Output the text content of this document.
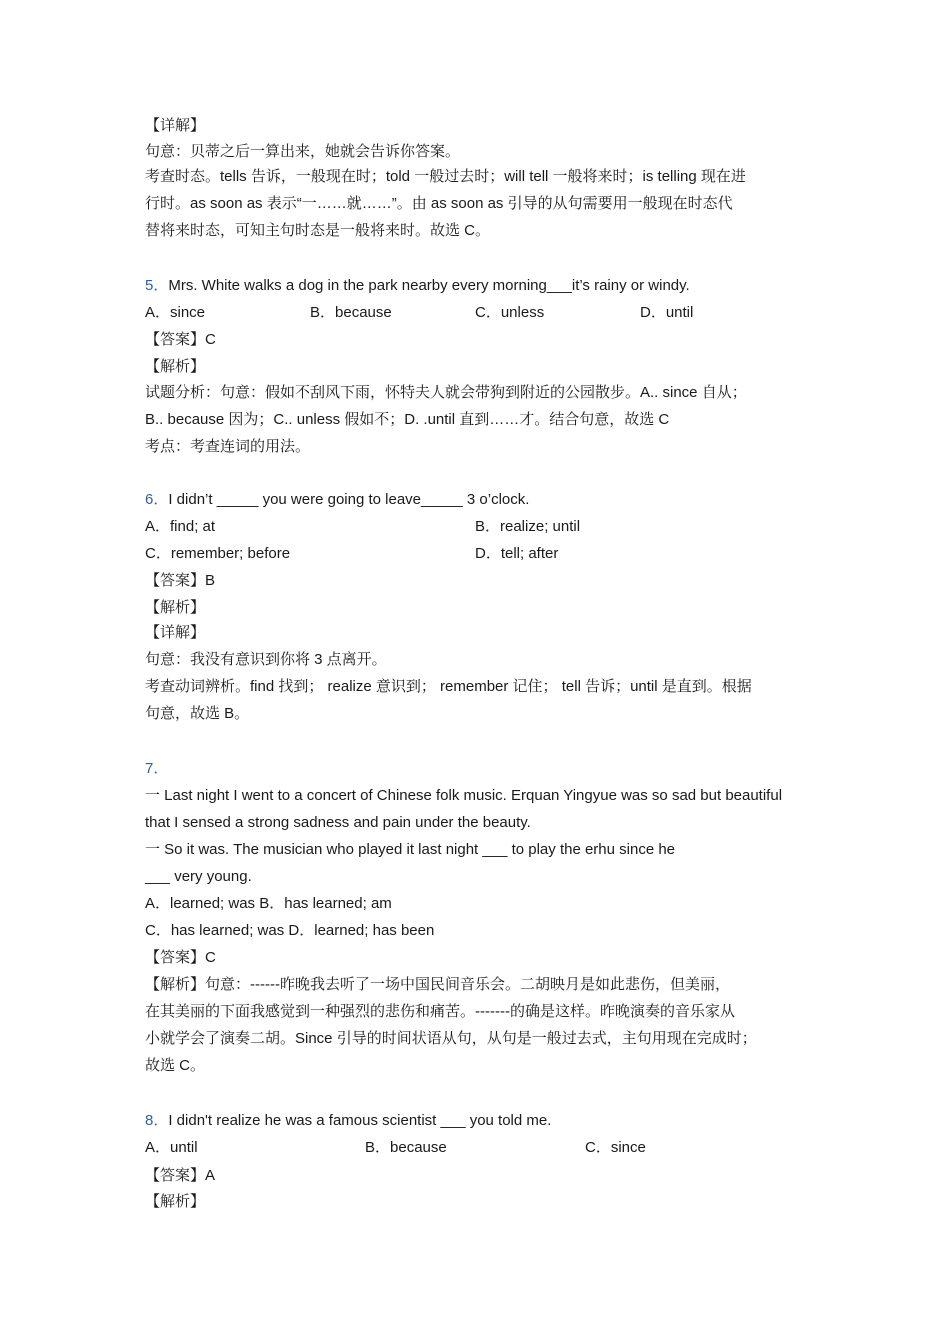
【详解】
句意：贝蒂之后一算出来，她就会告诉你答案。
考查时态。tells 告诉，一般现在时；told 一般过去时；will tell 一般将来时；is telling 现在进
行时。as soon as 表示“一……就……”。由 as soon as 引导的从句需要用一般现在时态代
替将来时态，可知主句时态是一般将来时。故选 C。
5．Mrs. White walks a dog in the park nearby every morning___it’s rainy or windy.
A．since	B．because	C．unless	D．until
【答案】C
【解析】
试题分析：句意：假如不刮风下雨，怀特夫人就会带狗到附近的公园散步。A.. since 自从；
B.. because 因为；C.. unless 假如不；D. .until 直到……才。结合句意，故选 C
考点：考查连词的用法。
6．I didn’t _____ you were going to leave_____ 3 o’clock.
A．find; at	B．realize; until
C．remember; before	D．tell; after
【答案】B
【解析】
【详解】
句意：我没有意识到你将 3 点离开。
考查动词辨析。find 找到； realize 意识到； remember 记住； tell 告诉；until 是直到。根据
句意，故选 B。
7．
一 Last night I went to a concert of Chinese folk music. Erquan Yingyue was so sad but beautiful
that I sensed a strong sadness and pain under the beauty.
一 So it was. The musician who played it last night ___ to play the erhu since he
___ very young.
A．learned; was B．has learned; am
C．has learned; was D．learned; has been
【答案】C
【解析】句意：------昨晚我去听了一场中国民间音乐会。二胡映月是如此悲伤，但美丽，
在其美丽的下面我感觉到一种强烈的悲伤和痛苦。-------的确是这样。昨晚演奏的音乐家从
小就学会了演奏二胡。Since 引导的时间状语从句，从句是一般过去式，主句用现在完成时；
故选 C。
8．I didn't realize he was a famous scientist ___ you told me.
A．until	B．because	C．since
【答案】A
【解析】
